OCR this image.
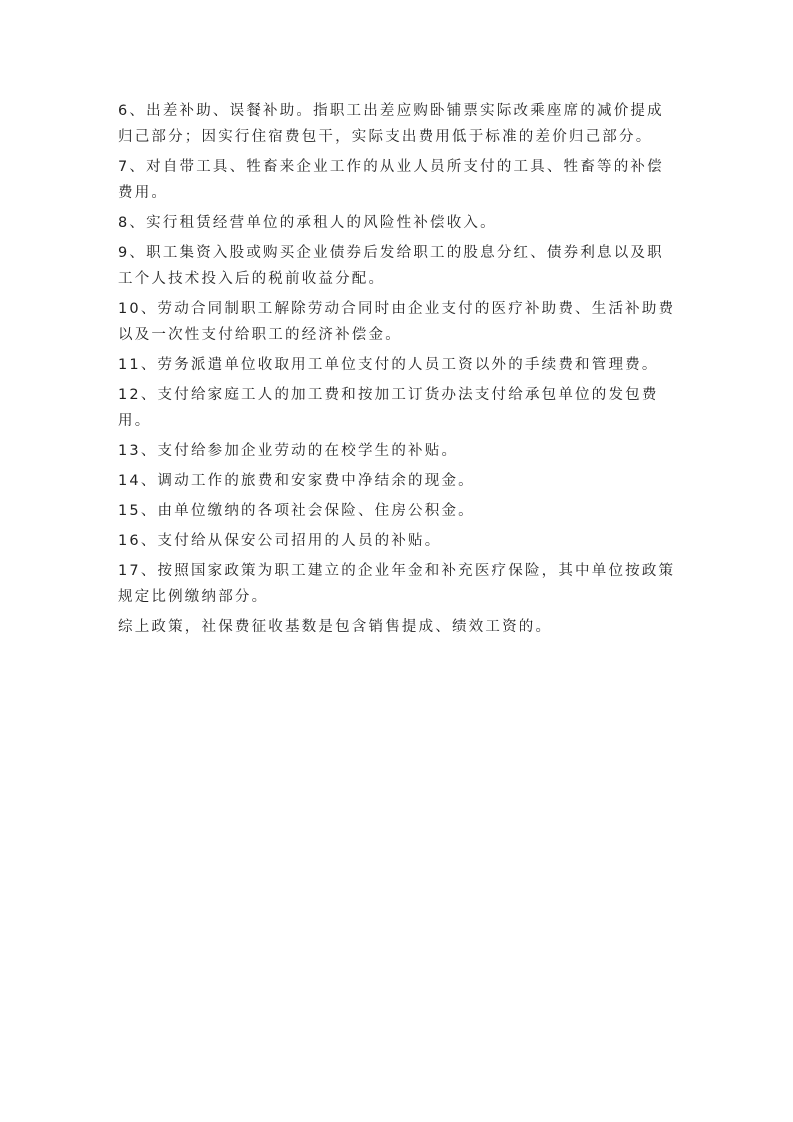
6、出差补助、误餐补助。指职工出差应购卧铺票实际改乘座席的减价提成归己部分；因实行住宿费包干，实际支出费用低于标准的差价归己部分。

7、对自带工具、牲畜来企业工作的从业人员所支付的工具、牲畜等的补偿费用。

8、实行租赁经营单位的承租人的风险性补偿收入。

9、职工集资入股或购买企业债券后发给职工的股息分红、债券利息以及职工个人技术投入后的税前收益分配。

10、劳动合同制职工解除劳动合同时由企业支付的医疗补助费、生活补助费以及一次性支付给职工的经济补偿金。

11、劳务派遣单位收取用工单位支付的人员工资以外的手续费和管理费。

12、支付给家庭工人的加工费和按加工订货办法支付给承包单位的发包费用。

13、支付给参加企业劳动的在校学生的补贴。

14、调动工作的旅费和安家费中净结余的现金。

15、由单位缴纳的各项社会保险、住房公积金。

16、支付给从保安公司招用的人员的补贴。

17、按照国家政策为职工建立的企业年金和补充医疗保险，其中单位按政策规定比例缴纳部分。

综上政策，社保费征收基数是包含销售提成、绩效工资的。
